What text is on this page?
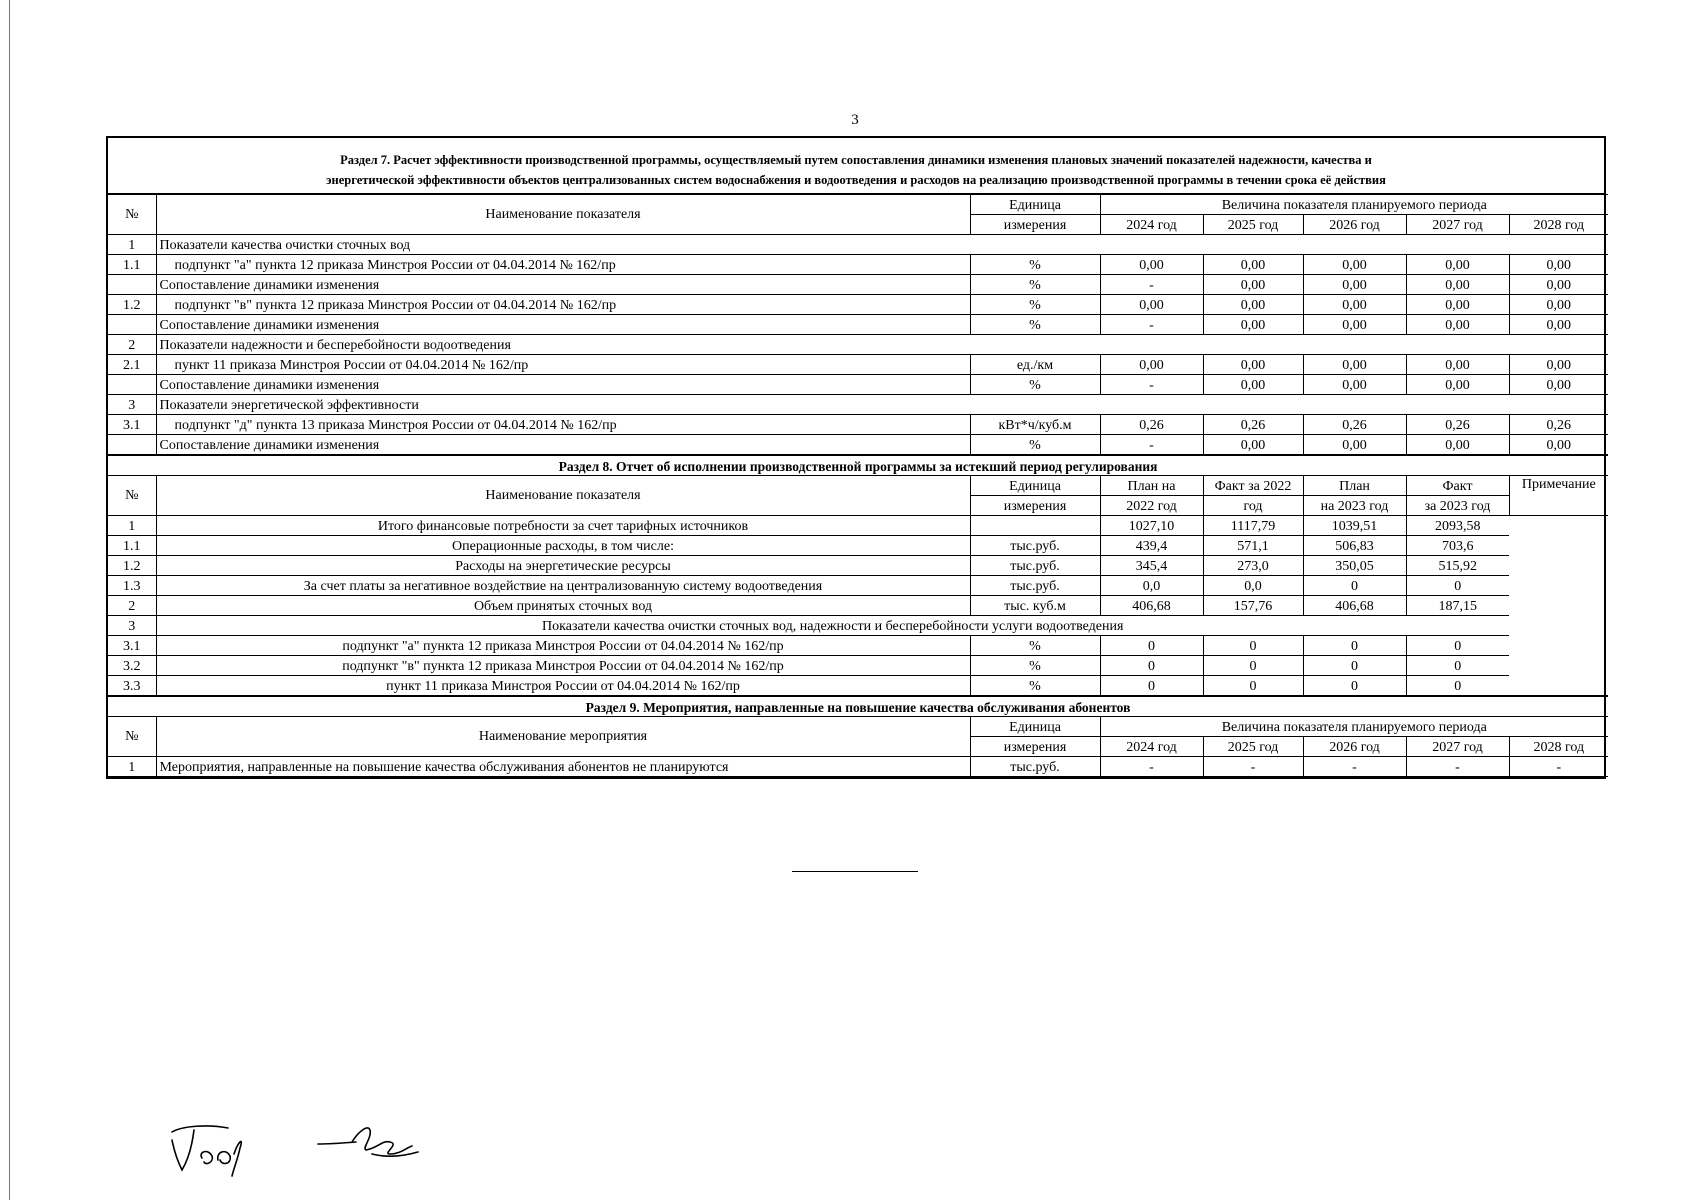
3
Раздел 7. Расчет эффективности производственной программы, осуществляемый путем сопоставления динамики изменения плановых значений показателей надежности, качества и
энергетической эффективности объектов централизованных систем водоснабжения и водоотведения и расходов на реализацию производственной программы в течении срока её действия
№	Наименование показателя	Единица	Величина показателя планируемого периода				
		измерения	2024 год	2025 год	2026 год	2027 год	2028 год
1	Показатели качества очистки сточных вод						
1.1	подпункт "а" пункта 12 приказа Минстроя России от 04.04.2014 № 162/пр	%	0,00	0,00	0,00	0,00	0,00
	Сопоставление динамики изменения	%	-	0,00	0,00	0,00	0,00
1.2	подпункт "в" пункта 12 приказа Минстроя России от 04.04.2014 № 162/пр	%	0,00	0,00	0,00	0,00	0,00
	Сопоставление динамики изменения	%	-	0,00	0,00	0,00	0,00
2	Показатели надежности и бесперебойности водоотведения						
2.1	пункт 11 приказа Минстроя России от 04.04.2014 № 162/пр	ед./км	0,00	0,00	0,00	0,00	0,00
	Сопоставление динамики изменения	%	-	0,00	0,00	0,00	0,00
3	Показатели энергетической эффективности						
3.1	подпункт "д" пункта 13 приказа Минстроя России от 04.04.2014 № 162/пр	кВт*ч/куб.м	0,26	0,26	0,26	0,26	0,26
	Сопоставление динамики изменения	%	-	0,00	0,00	0,00	0,00
Раздел 8. Отчет об исполнении производственной программы за истекший период регулирования							
№	Наименование показателя	Единица	План на	Факт за 2022	План	Факт	Примечание
		измерения	2022 год	год	на 2023 год	за 2023 год	
1	Итого финансовые потребности за счет тарифных источников		1027,10	1117,79	1039,51	2093,58	
1.1	Операционные расходы, в том числе:	тыс.руб.	439,4	571,1	506,83	703,6	
1.2	Расходы на энергетические ресурсы	тыс.руб.	345,4	273,0	350,05	515,92	
1.3	За счет платы за негативное воздействие на централизованную систему водоотведения	тыс.руб.	0,0	0,0	0	0	
2	Объем принятых сточных вод	тыс. куб.м	406,68	157,76	406,68	187,15	
3	Показатели качества очистки сточных вод, надежности и бесперебойности услуги водоотведения						
3.1	подпункт "а" пункта 12 приказа Минстроя России от 04.04.2014 № 162/пр	%	0	0	0	0	
3.2	подпункт "в" пункта 12 приказа Минстроя России от 04.04.2014 № 162/пр	%	0	0	0	0	
3.3	пункт 11 приказа Минстроя России от 04.04.2014 № 162/пр	%	0	0	0	0	
Раздел 9. Мероприятия, направленные на повышение качества обслуживания абонентов							
№	Наименование мероприятия	Единица	Величина показателя планируемого периода				
		измерения	2024 год	2025 год	2026 год	2027 год	2028 год
1	Мероприятия, направленные на повышение качества обслуживания абонентов не планируются	тыс.руб.	-	-	-	-	-
